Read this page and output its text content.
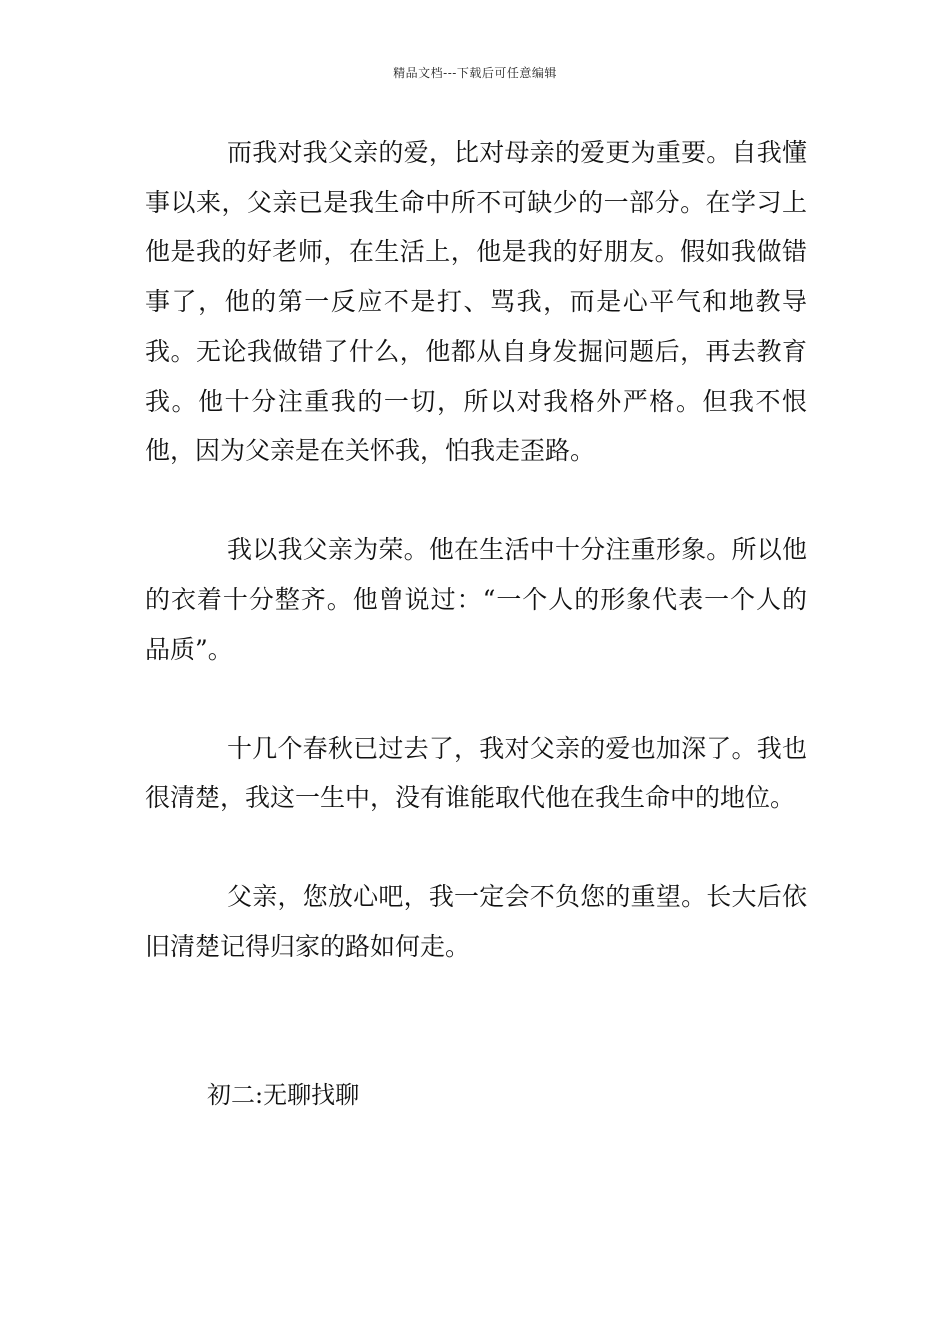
精品文档---下载后可任意编辑

而我对我父亲的爱，比对母亲的爱更为重要。自我懂事以来，父亲已是我生命中所不可缺少的一部分。在学习上他是我的好老师，在生活上，他是我的好朋友。假如我做错事了，他的第一反应不是打、骂我，而是心平气和地教导我。无论我做错了什么，他都从自身发掘问题后，再去教育我。他十分注重我的一切，所以对我格外严格。但我不恨他，因为父亲是在关怀我，怕我走歪路。

我以我父亲为荣。他在生活中十分注重形象。所以他的衣着十分整齐。他曾说过：“一个人的形象代表一个人的品质”。

十几个春秋已过去了，我对父亲的爱也加深了。我也很清楚，我这一生中，没有谁能取代他在我生命中的地位。

父亲，您放心吧，我一定会不负您的重望。长大后依旧清楚记得归家的路如何走。

初二:无聊找聊
